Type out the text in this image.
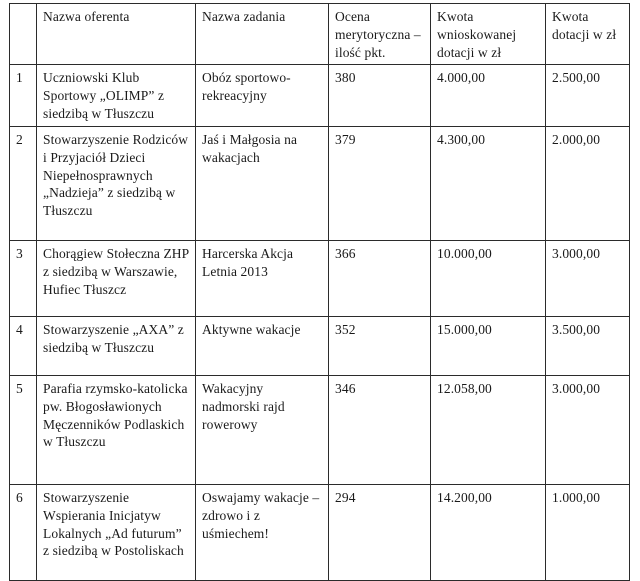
	Nazwa oferenta	Nazwa zadania	Ocena merytoryczna – ilość pkt.	Kwota wnioskowanej dotacji w zł	Kwota dotacji w zł
1	Uczniowski Klub Sportowy „OLIMP” z siedzibą w Tłuszczu	Obóz sportowo-rekreacyjny	380	4.000,00	2.500,00
2	Stowarzyszenie Rodziców i Przyjaciół Dzieci Niepełnosprawnych „Nadzieja” z siedzibą w Tłuszczu	Jaś i Małgosia na wakacjach	379	4.300,00	2.000,00
3	Chorągiew Stołeczna ZHP z siedzibą w Warszawie, Hufiec Tłuszcz	Harcerska Akcja Letnia 2013	366	10.000,00	3.000,00
4	Stowarzyszenie „AXA” z siedzibą w Tłuszczu	Aktywne wakacje	352	15.000,00	3.500,00
5	Parafia rzymsko-katolicka pw. Błogosławionych Męczenników Podlaskich w Tłuszczu	Wakacyjny nadmorski rajd rowerowy	346	12.058,00	3.000,00
6	Stowarzyszenie Wspierania Inicjatyw Lokalnych „Ad futurum” z siedzibą w Postoliskach	Oswajamy wakacje – zdrowo i z uśmiechem!	294	14.200,00	1.000,00
